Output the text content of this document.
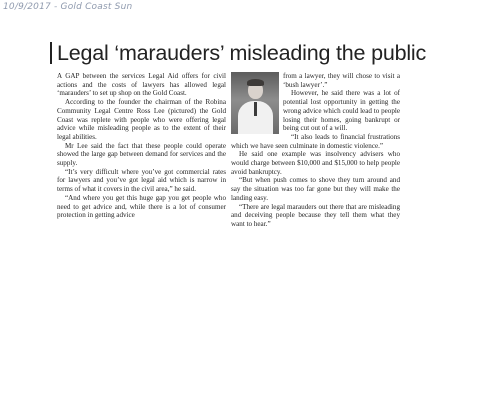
10/9/2017 - Gold Coast Sun
Legal ‘marauders’ misleading the public

A GAP between the services Legal Aid offers for civil actions and the costs of lawyers has allowed legal ‘marauders’ to set up shop on the Gold Coast.

According to the founder the chairman of the Robina Community Legal Centre Ross Lee (pictured) the Gold Coast was replete with people who were offering legal advice while misleading people as to the extent of their legal abilities.

Mr Lee said the fact that these people could operate showed the large gap between demand for services and the supply.

“It’s very difficult where you’ve got commercial rates for lawyers and you’ve got legal aid which is narrow in terms of what it covers in the civil area,” he said.

“And where you get this huge gap you get people who need to get advice and, while there is a lot of consumer protection in getting advice

from a lawyer, they will chose to visit a ‘bush lawyer’.”

However, he said there was a lot of potential lost opportunity in getting the wrong advice which could lead to people losing their homes, going bankrupt or being cut out of a will.

“It also leads to financial frustrations which we have seen culminate in domestic violence.”

He said one example was insolvency advisers who would charge between $10,000 and $15,000 to help people avoid bankruptcy.

“But when push comes to shove they turn around and say the situation was too far gone but they will make the landing easy.

“There are legal marauders out there that are misleading and deceiving people because they tell them what they want to hear.”
